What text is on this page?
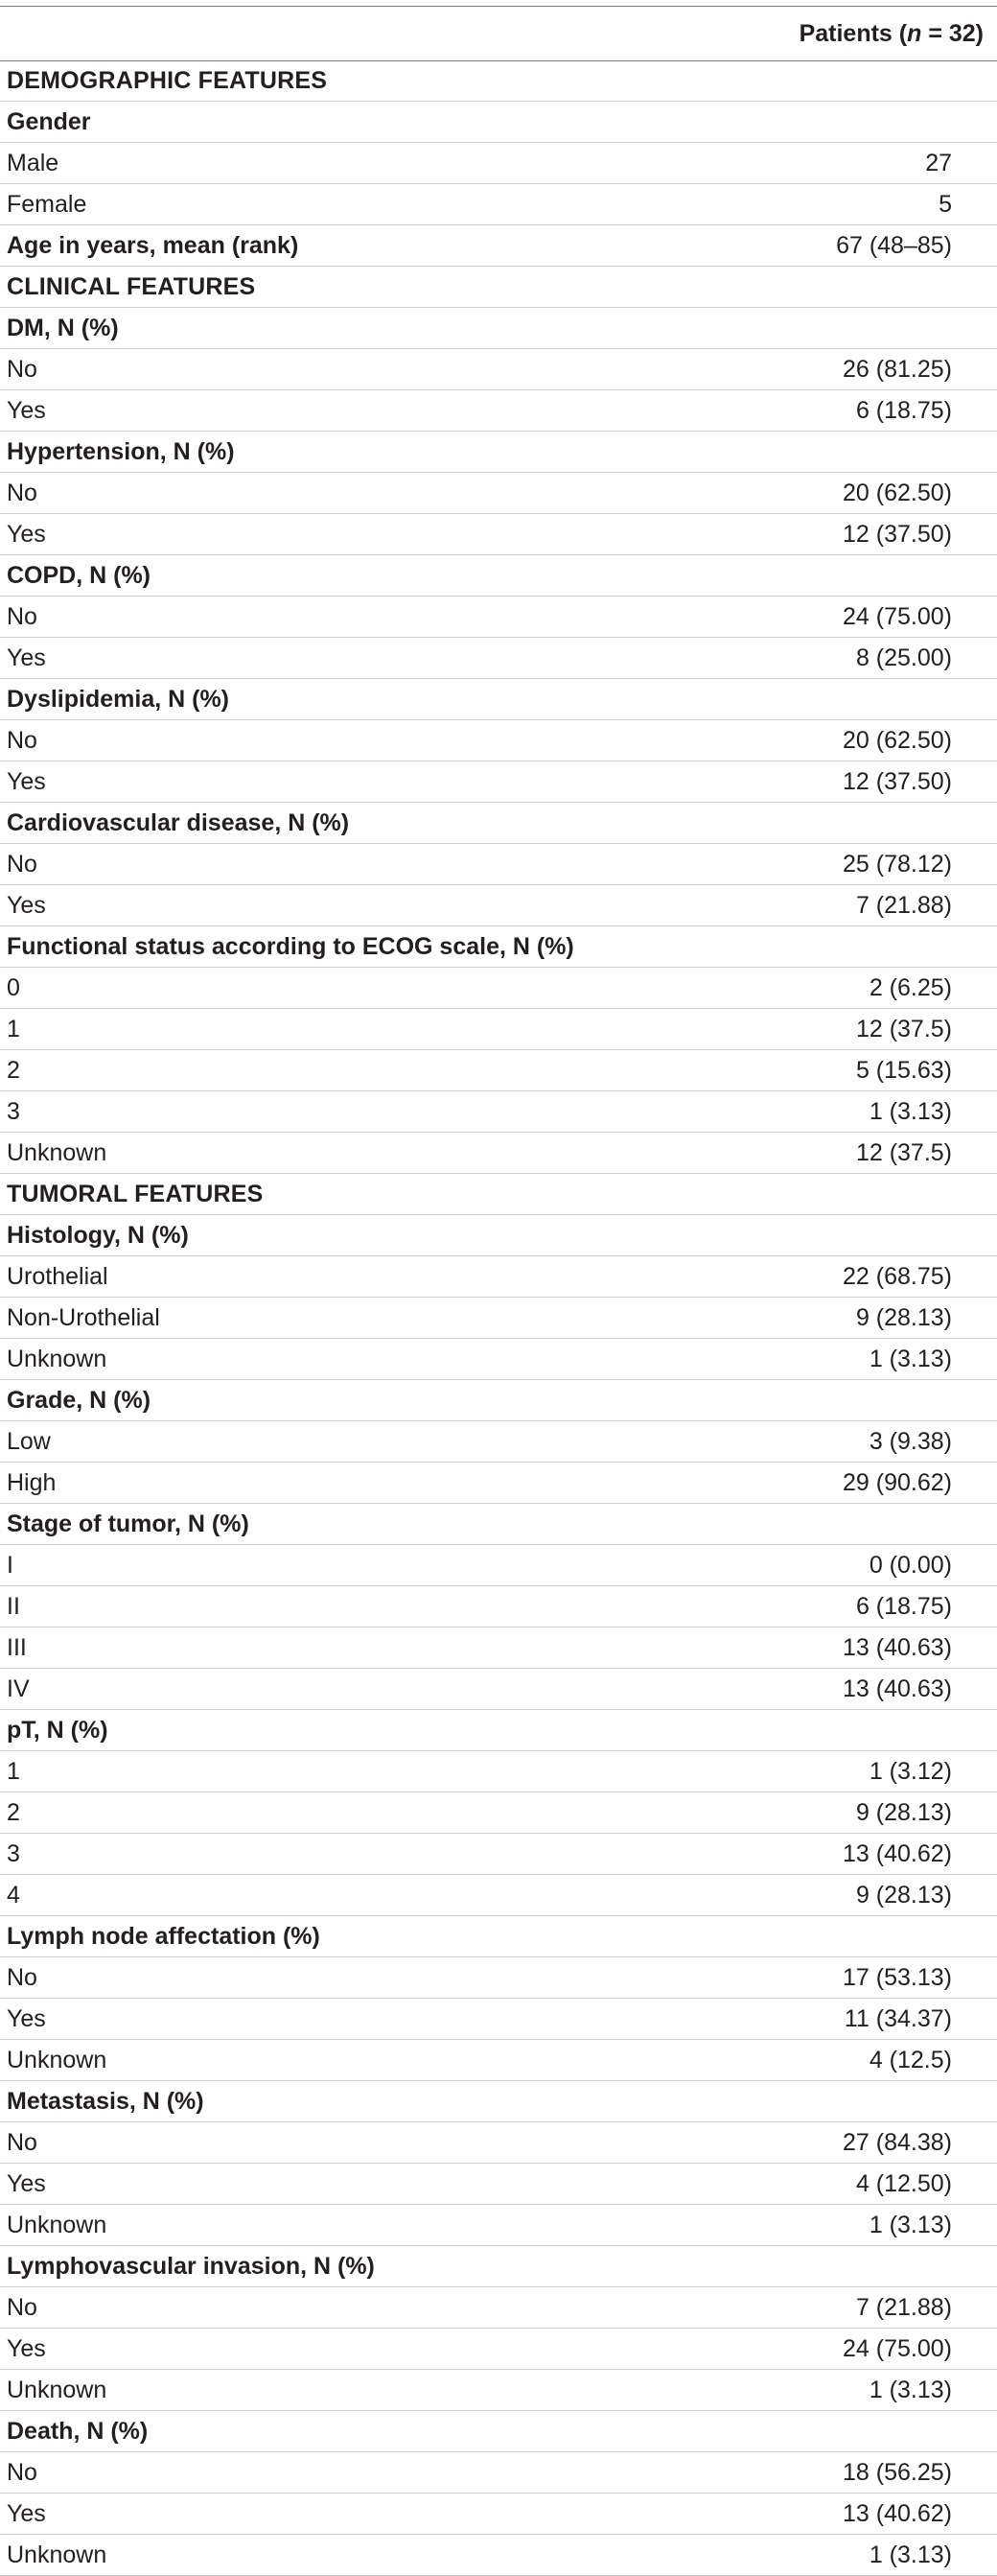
Patients (n = 32)
DEMOGRAPHIC FEATURES
Gender
Male	27
Female	5
Age in years, mean (rank)	67 (48–85)
CLINICAL FEATURES
DM, N (%)
No	26 (81.25)
Yes	6 (18.75)
Hypertension, N (%)
No	20 (62.50)
Yes	12 (37.50)
COPD, N (%)
No	24 (75.00)
Yes	8 (25.00)
Dyslipidemia, N (%)
No	20 (62.50)
Yes	12 (37.50)
Cardiovascular disease, N (%)
No	25 (78.12)
Yes	7 (21.88)
Functional status according to ECOG scale, N (%)
0	2 (6.25)
1	12 (37.5)
2	5 (15.63)
3	1 (3.13)
Unknown	12 (37.5)
TUMORAL FEATURES
Histology, N (%)
Urothelial	22 (68.75)
Non-Urothelial	9 (28.13)
Unknown	1 (3.13)
Grade, N (%)
Low	3 (9.38)
High	29 (90.62)
Stage of tumor, N (%)
I	0 (0.00)
II	6 (18.75)
III	13 (40.63)
IV	13 (40.63)
pT, N (%)
1	1 (3.12)
2	9 (28.13)
3	13 (40.62)
4	9 (28.13)
Lymph node affectation (%)
No	17 (53.13)
Yes	11 (34.37)
Unknown	4 (12.5)
Metastasis, N (%)
No	27 (84.38)
Yes	4 (12.50)
Unknown	1 (3.13)
Lymphovascular invasion, N (%)
No	7 (21.88)
Yes	24 (75.00)
Unknown	1 (3.13)
Death, N (%)
No	18 (56.25)
Yes	13 (40.62)
Unknown	1 (3.13)
